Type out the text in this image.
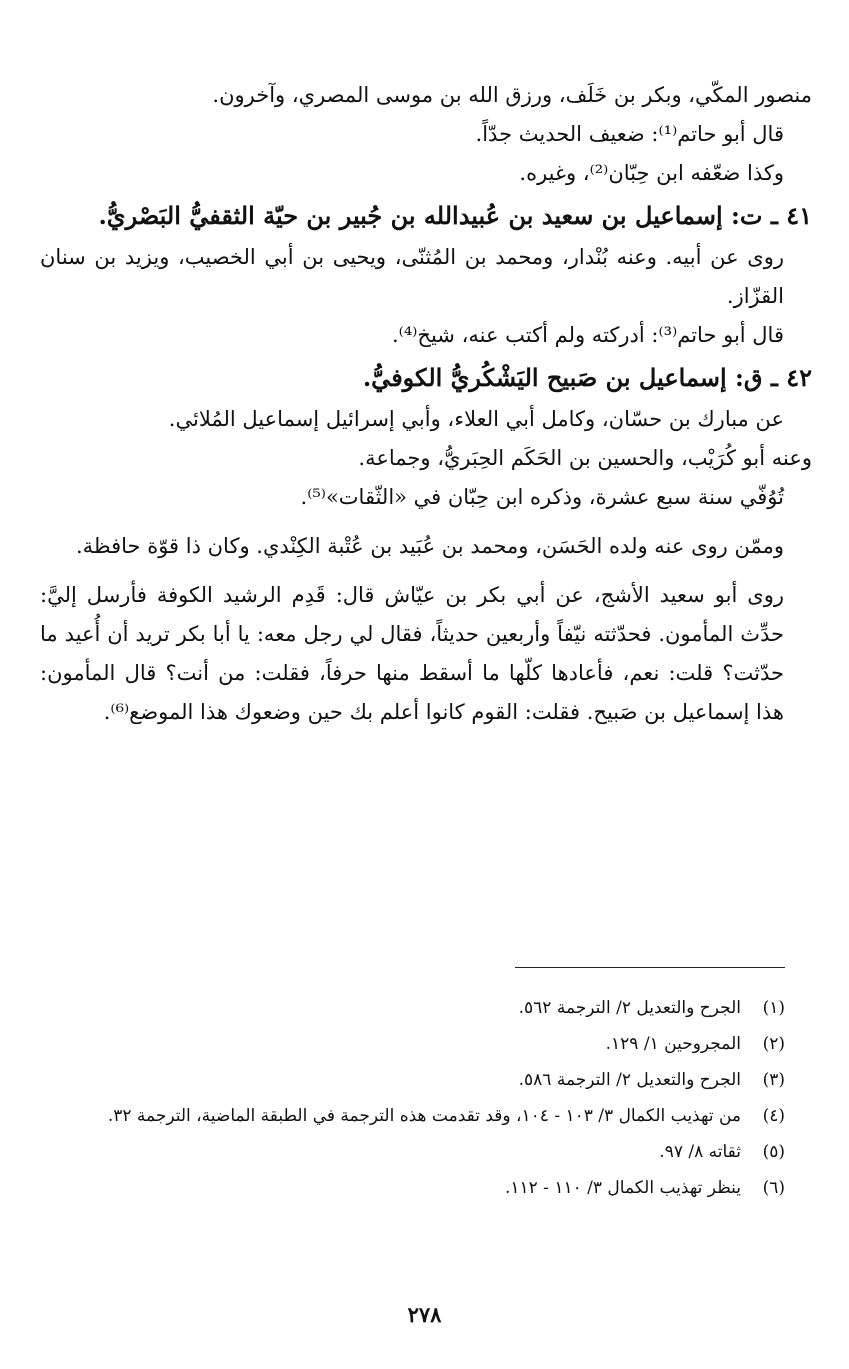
منصور المكّي، وبكر بن خَلَف، ورزق الله بن موسى المصري، وآخرون.

قال أبو حاتم⁽¹⁾: ضعيف الحديث جدّاً.

وكذا ضعّفه ابن حِبّان⁽²⁾، وغيره.

٤١ ـ ت: إسماعيل بن سعيد بن عُبيدالله بن جُبير بن حيّة الثقفيُّ البَصْريُّ.

روى عن أبيه. وعنه بُنْدار، ومحمد بن المُثنّى، ويحيى بن أبي الخصيب، ويزيد بن سنان القزّاز.

قال أبو حاتم⁽³⁾: أدركته ولم أكتب عنه، شيخ⁽⁴⁾.

٤٢ ـ ق: إسماعيل بن صَبيح اليَشْكُريُّ الكوفيُّ.

عن مبارك بن حسّان، وكامل أبي العلاء، وأبي إسرائيل إسماعيل المُلائي.

وعنه أبو كُرَيْب، والحسين بن الحَكَم الحِبَريُّ، وجماعة.

تُوُفّي سنة سبع عشرة، وذكره ابن حِبّان في «الثّقات»⁽⁵⁾.

وممّن روى عنه ولده الحَسَن، ومحمد بن عُبَيد بن عُتْبة الكِنْدي. وكان ذا قوّة حافظة.

روى أبو سعيد الأشج، عن أبي بكر بن عيّاش قال: قَدِم الرشيد الكوفة فأرسل إليَّ: حدِّث المأمون. فحدّثته نيّفاً وأربعين حديثاً، فقال لي رجل معه: يا أبا بكر تريد أن أُعيد ما حدّثت؟ قلت: نعم، فأعادها كلّها ما أسقط منها حرفاً، فقلت: من أنت؟ قال المأمون: هذا إسماعيل بن صَبيح. فقلت: القوم كانوا أعلم بك حين وضعوك هذا الموضع⁽⁶⁾.

(١)
الجرح والتعديل ٢/ الترجمة ٥٦٢.
(٢)
المجروحين ١/ ١٢٩.
(٣)
الجرح والتعديل ٢/ الترجمة ٥٨٦.
(٤)
من تهذيب الكمال ٣/ ١٠٣ - ١٠٤، وقد تقدمت هذه الترجمة في الطبقة الماضية، الترجمة ٣٢.
(٥)
ثقاته ٨/ ٩٧.
(٦)
ينظر تهذيب الكمال ٣/ ١١٠ - ١١٢.
٢٧٨
